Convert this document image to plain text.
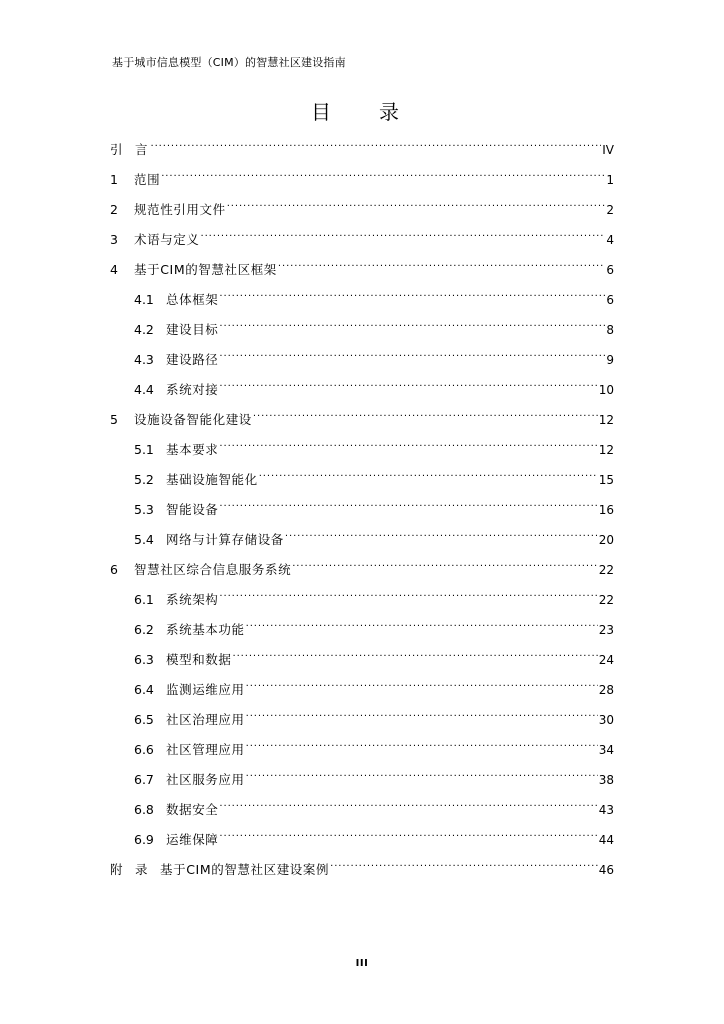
基于城市信息模型（CIM）的智慧社区建设指南
目　录
引　言 .....	IV
1	范围 .....	1
2	规范性引用文件 .....	2
3	术语与定义 .....	4
4	基于CIM的智慧社区框架 .....	6
4.1 总体框架 .....	6
4.2 建设目标 .....	8
4.3 建设路径 .....	9
4.4 系统对接 .....	10
5	设施设备智能化建设 .....	12
5.1 基本要求 .....	12
5.2 基础设施智能化 .....	15
5.3 智能设备 .....	16
5.4 网络与计算存储设备 .....	20
6	智慧社区综合信息服务系统 .....	22
6.1 系统架构 .....	22
6.2 系统基本功能 .....	23
6.3 模型和数据 .....	24
6.4 监测运维应用 .....	28
6.5 社区治理应用 .....	30
6.6 社区管理应用 .....	34
6.7 社区服务应用 .....	38
6.8 数据安全 .....	43
6.9 运维保障 .....	44
附　录 基于CIM的智慧社区建设案例 .....	46
III
